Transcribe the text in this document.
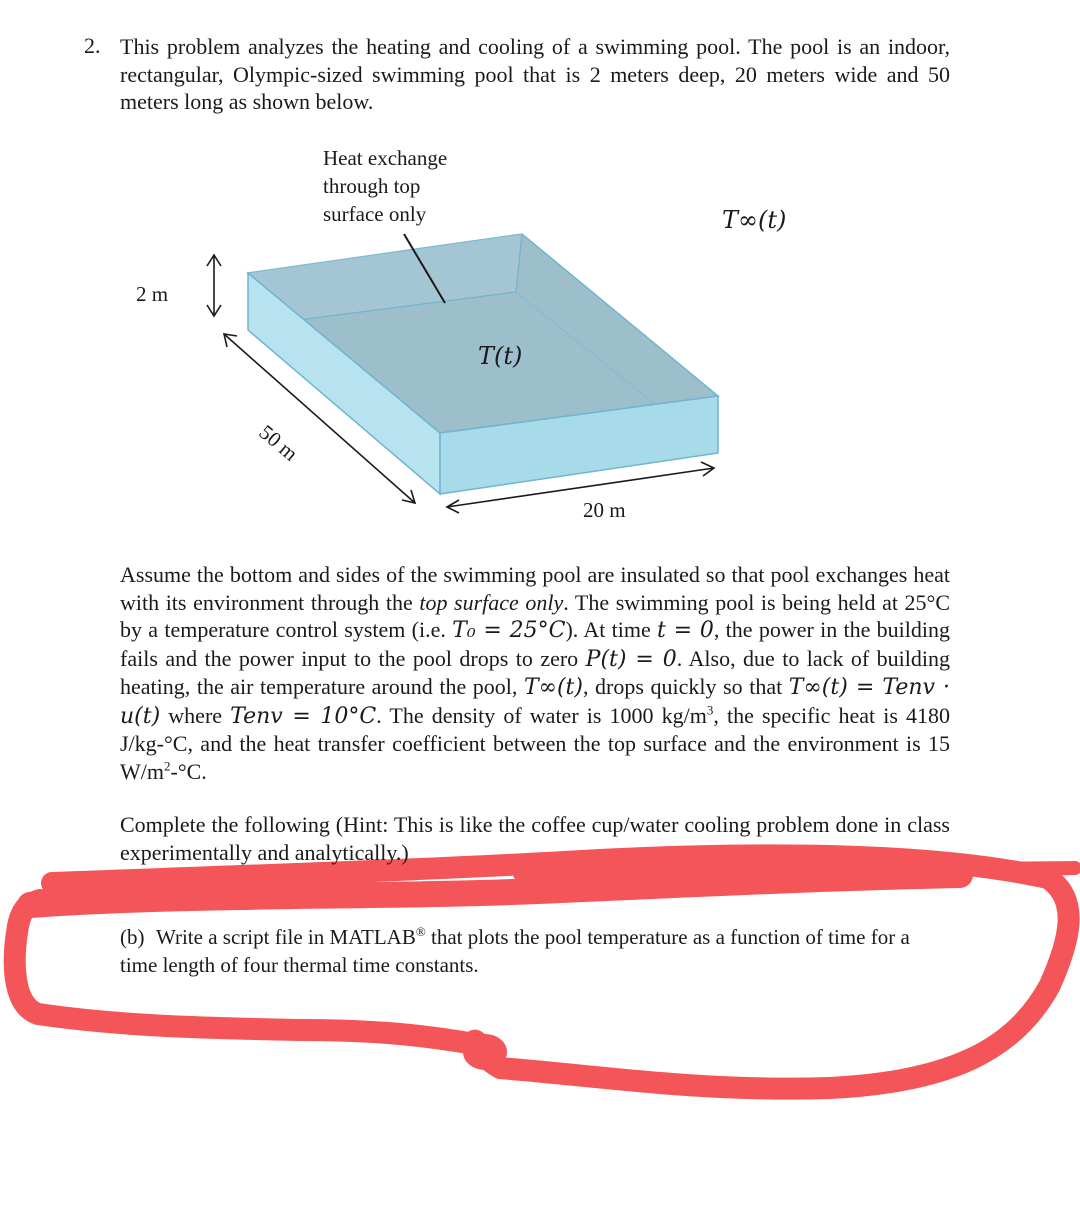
2. This problem analyzes the heating and cooling of a swimming pool. The pool is an indoor, rectangular, Olympic-sized swimming pool that is 2 meters deep, 20 meters wide and 50 meters long as shown below.
Heat exchange
through top
surface only	T∞(t)
T(t)
2 m
50 m
20 m
Assume the bottom and sides of the swimming pool are insulated so that pool exchanges heat with its environment through the top surface only. The swimming pool is being held at 25°C by a temperature control system (i.e. T₀ = 25°C). At time t = 0, the power in the building fails and the power input to the pool drops to zero P(t) = 0. Also, due to lack of building heating, the air temperature around the pool, T∞(t), drops quickly so that T∞(t) = Tenv · u(t) where Tenv = 10°C. The density of water is 1000 $kg/m^3$, the specific heat is 4180 J/kg-°C, and the heat transfer coefficient between the top surface and the environment is 15 $W/m^2-^\circ C$.
Complete the following (Hint: This is like the coffee cup/water cooling problem done in class experimentally and analytically.)
(b) Write a script file in MATLAB® that plots the pool temperature as a function of time for a time length of four thermal time constants.
